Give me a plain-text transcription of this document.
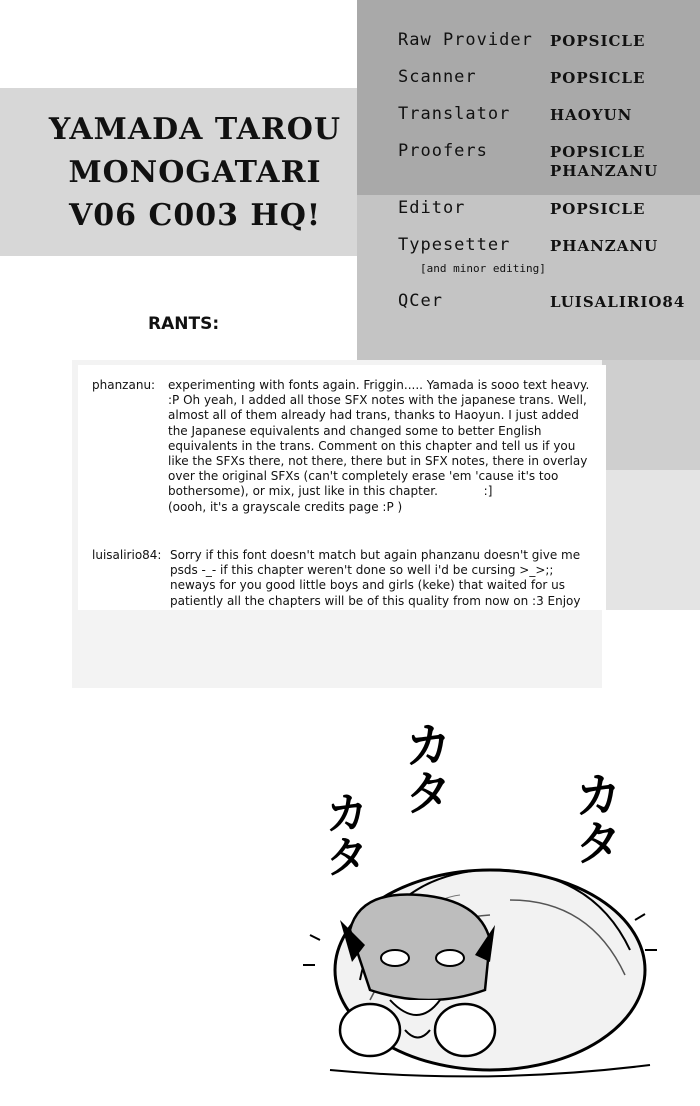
YAMADA TAROU
MONOGATARI
V06 C003 HQ!
Raw Provider POPSICLE
Scanner	POPSICLE
Translator	HAOYUN
Proofers	POPSICLE
PHANZANU
Editor	POPSICLE
Typesetter	PHANZANU
[and minor editing]
QCer	LUISALIRIO84
RANTS:
phanzanu: experimenting with fonts again. Friggin..... Yamada is sooo text heavy. :P Oh yeah, I added all those SFX notes with the japanese trans. Well, almost all of them already had trans, thanks to Haoyun. I just added the Japanese equivalents and changed some to better English equivalents in the trans. Comment on this chapter and tell us if you like the SFXs there, not there, there but in SFX notes, there in overlay over the original SFXs (can't completely erase 'em 'cause it's too bothersome), or mix, just like in this chapter.            :]                        (oooh, it's a grayscale credits page :P )
luisalirio84: Sorry if this font doesn't match but again phanzanu doesn't give me psds -_- if this chapter weren't done so well i'd be cursing >_>;; neways for you good little boys and girls (keke) that waited for us patiently all the chapters will be of this quality from now on :3 Enjoy
カタ
カタ
カタ
